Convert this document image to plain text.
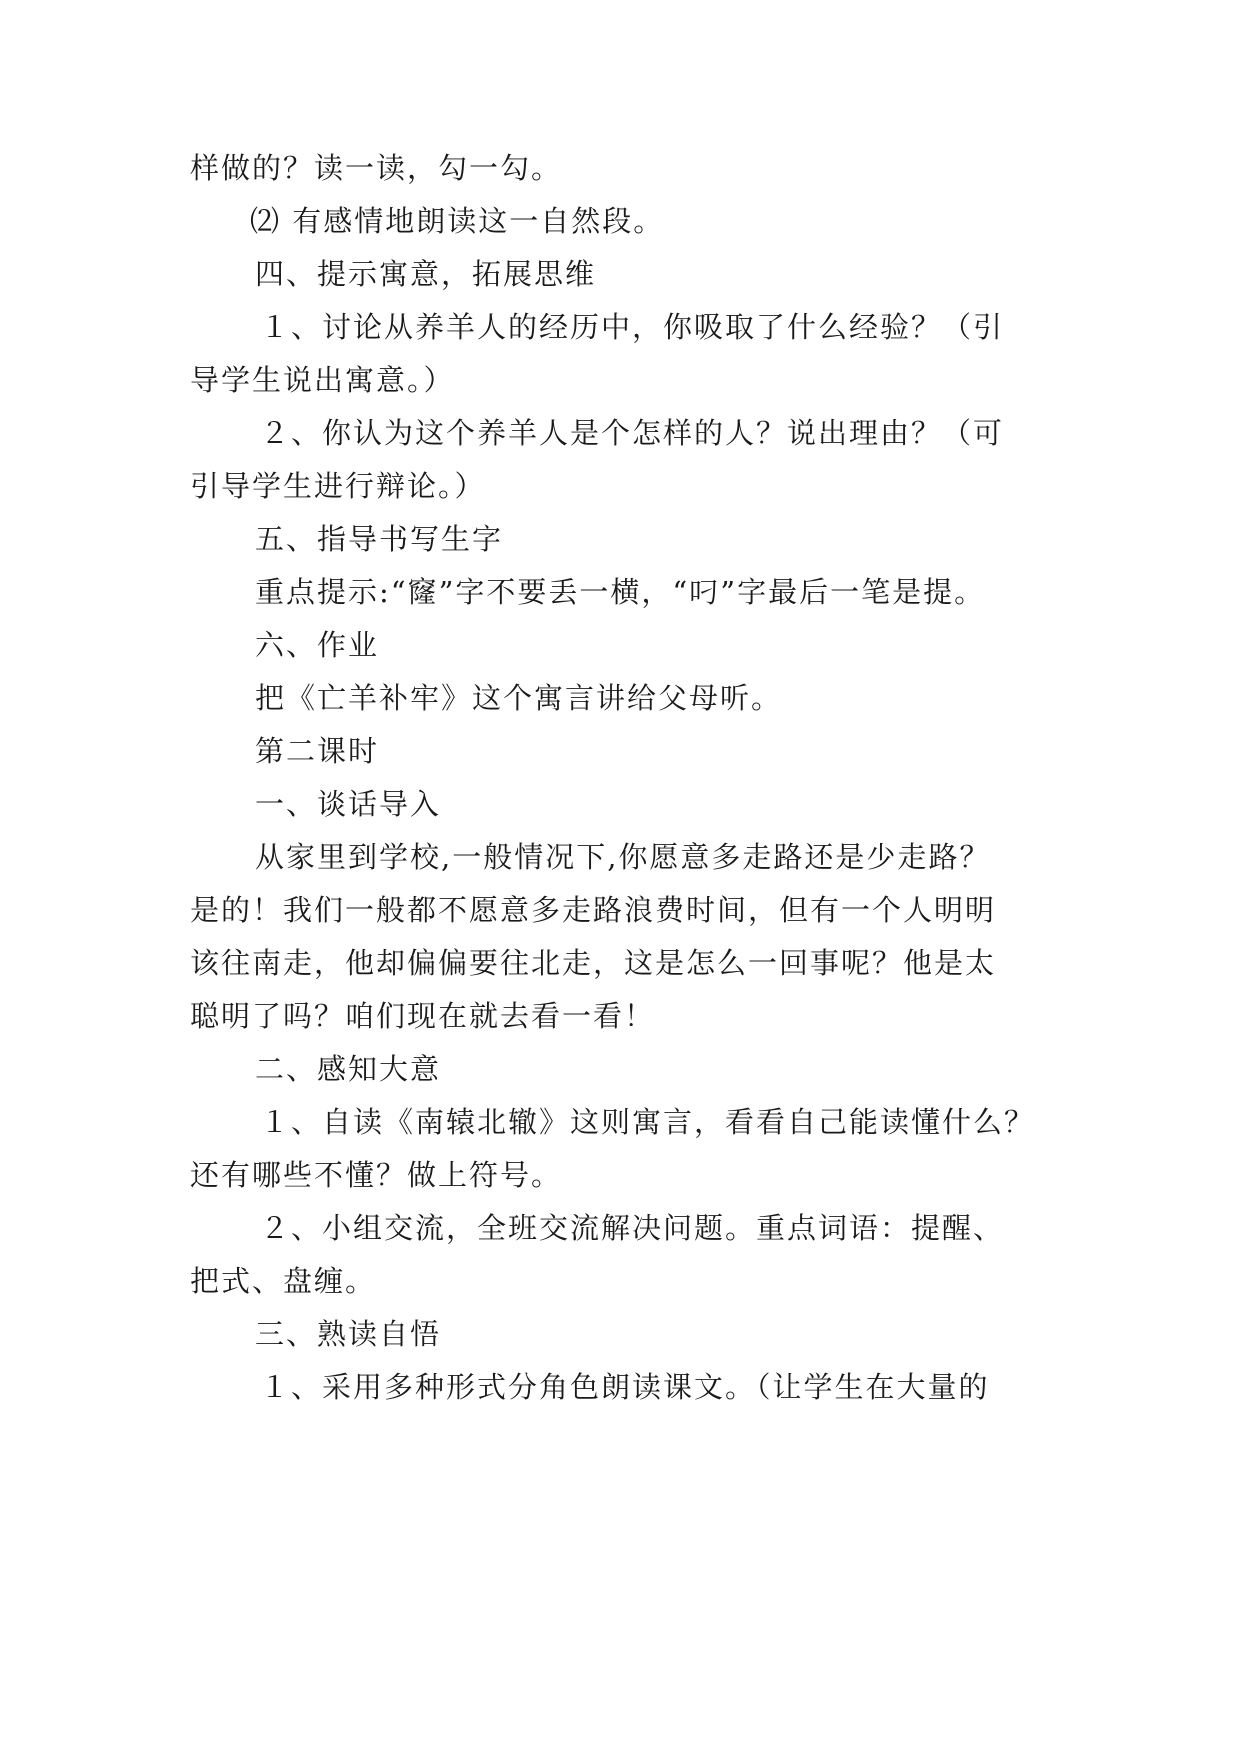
样做的？读一读，勾一勾。
⑵ 有感情地朗读这一自然段。
四、提示寓意，拓展思维
１、讨论从养羊人的经历中，你吸取了什么经验？（引
导学生说出寓意。）
２、你认为这个养羊人是个怎样的人？说出理由？（可
引导学生进行辩论。）
五、指导书写生字
重点提示:“窿”字不要丢一横，“叼”字最后一笔是提。
六、作业
把《亡羊补牢》这个寓言讲给父母听。
第二课时
一、谈话导入
从家里到学校,一般情况下,你愿意多走路还是少走路？
是的！我们一般都不愿意多走路浪费时间，但有一个人明明
该往南走，他却偏偏要往北走，这是怎么一回事呢？他是太
聪明了吗？咱们现在就去看一看！
二、感知大意
１、自读《南辕北辙》这则寓言，看看自己能读懂什么？
还有哪些不懂？做上符号。
２、小组交流，全班交流解决问题。重点词语：提醒、
把式、盘缠。
三、熟读自悟
１、采用多种形式分角色朗读课文。（让学生在大量的
